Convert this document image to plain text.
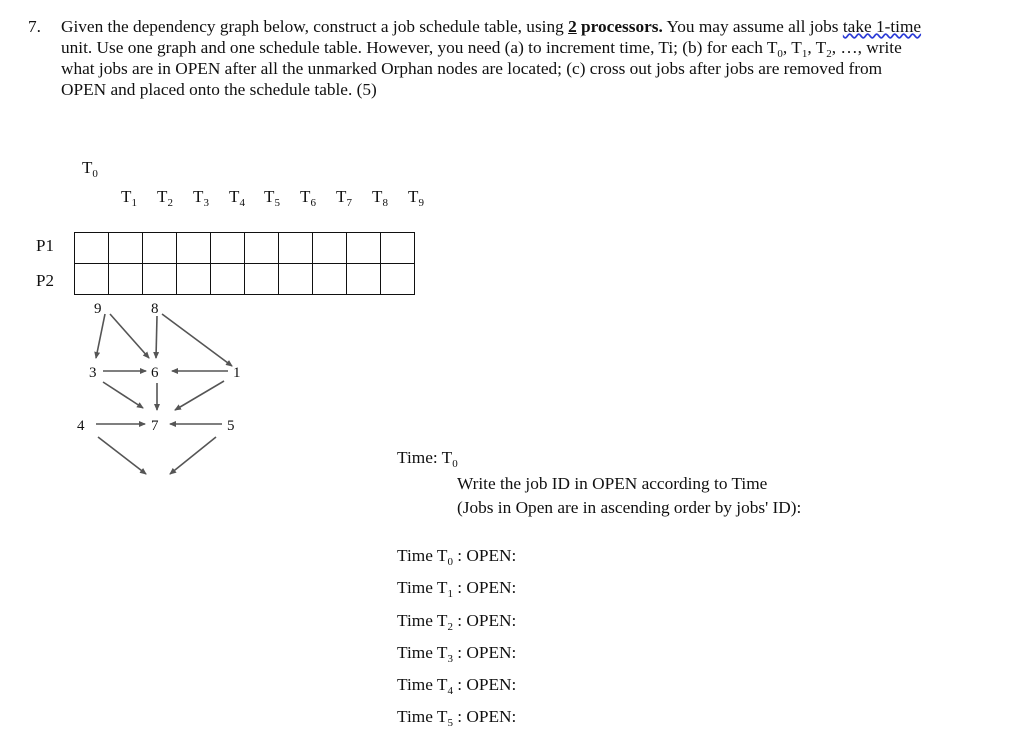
7. Given the dependency graph below, construct a job schedule table, using 2 processors. You may assume all jobs take 1-time
unit. Use one graph and one schedule table. However, you need (a) to increment time, Ti; (b) for each $T_0$, $T_1$, $T_2$, …, write
what jobs are in OPEN after all the unmarked Orphan nodes are located; (c) cross out jobs after jobs are removed from
OPEN and placed onto the schedule table. (5)
$T_0$
$T_1$	$T_2$	$T_3$	$T_4$	$T_5$	$T_6$	$T_7$	$T_8$	$T_9$
P1
P2

9	8
3	6	1
4	7	5
Time: $T_0$
Write the job ID in OPEN according to Time
(Jobs in Open are in ascending order by jobs' ID):
Time $T_0$ : OPEN:
Time $T_1$ : OPEN:
Time $T_2$ : OPEN:
Time $T_3$ : OPEN:
Time $T_4$ : OPEN:
Time $T_5$ : OPEN:
